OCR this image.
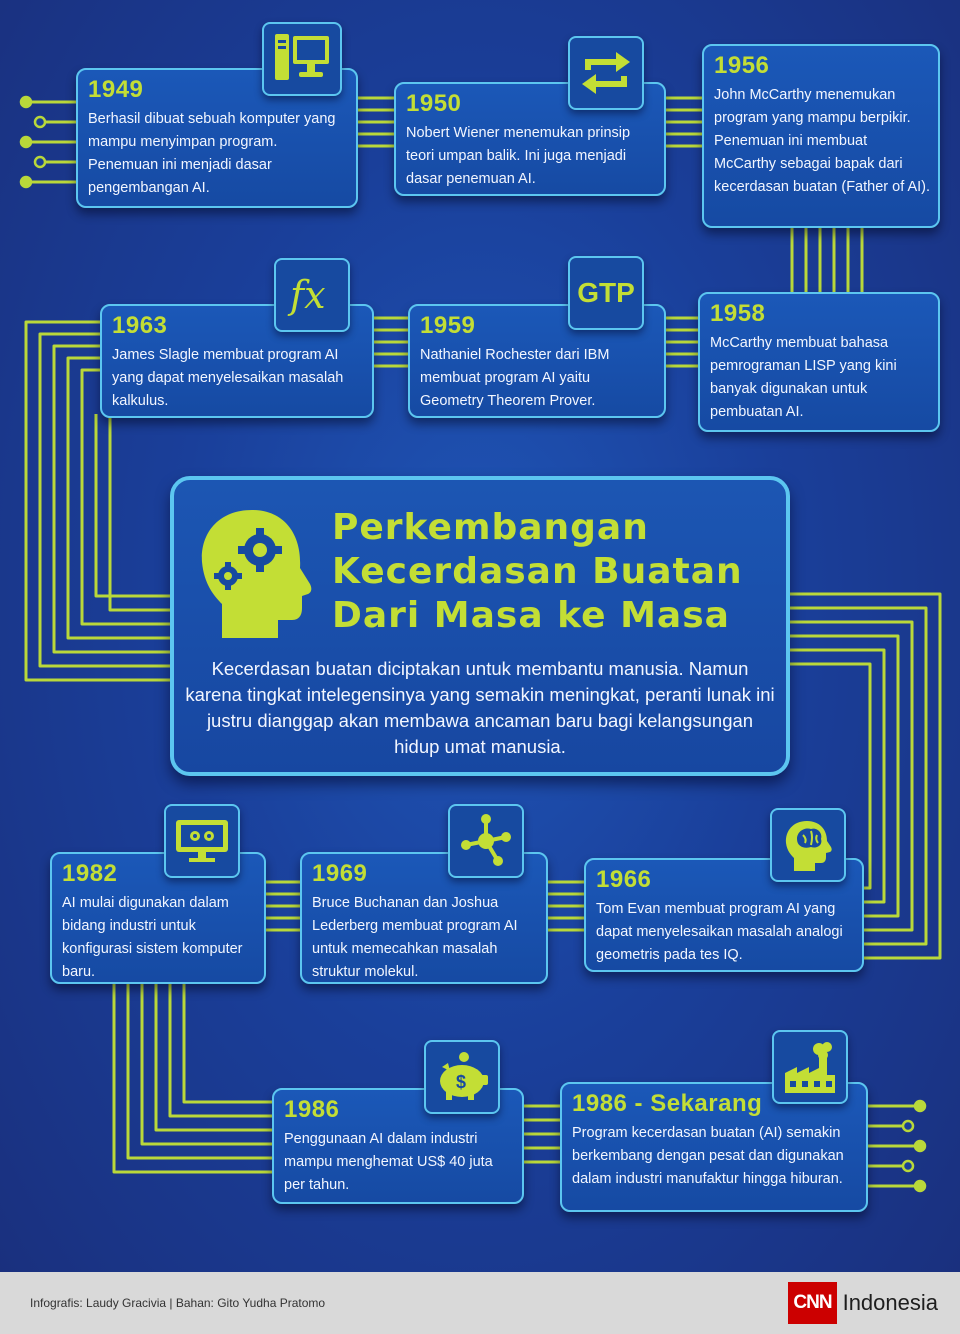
1949
Berhasil dibuat sebuah komputer yang mampu menyimpan program. Penemuan ini menjadi dasar pengembangan AI.
1950
Nobert Wiener menemukan prinsip teori umpan balik. Ini juga menjadi dasar penemuan AI.
1956
John McCarthy menemukan program yang mampu berpikir. Penemuan ini membuat McCarthy sebagai bapak dari kecerdasan buatan (Father of AI).
1963
James Slagle membuat program AI yang dapat menyelesaikan masalah kalkulus.
fx
1959
Nathaniel Rochester dari IBM membuat program AI yaitu Geometry Theorem Prover.
GTP
1958
McCarthy membuat bahasa pemrograman LISP yang kini banyak digunakan untuk pembuatan AI.
Perkembangan
Kecerdasan Buatan
Dari Masa ke Masa
Kecerdasan buatan diciptakan untuk membantu manusia. Namun karena tingkat intelegensinya yang semakin meningkat, peranti lunak ini justru dianggap akan membawa ancaman baru bagi kelangsungan hidup umat manusia.
1982
AI mulai digunakan dalam bidang industri untuk konfigurasi sistem komputer baru.
1969
Bruce Buchanan dan Joshua Lederberg membuat program AI untuk memecahkan masalah struktur molekul.
1966
Tom Evan membuat program AI yang dapat menyelesaikan masalah analogi geometris pada tes IQ.
1986
Penggunaan AI dalam industri mampu menghemat US$ 40 juta per tahun.
$
1986 - Sekarang
Program kecerdasan buatan (AI) semakin berkembang dengan pesat dan digunakan dalam industri manufaktur hingga hiburan.
Infografis: Laudy Gracivia | Bahan: Gito Yudha Pratomo	CNN Indonesia
